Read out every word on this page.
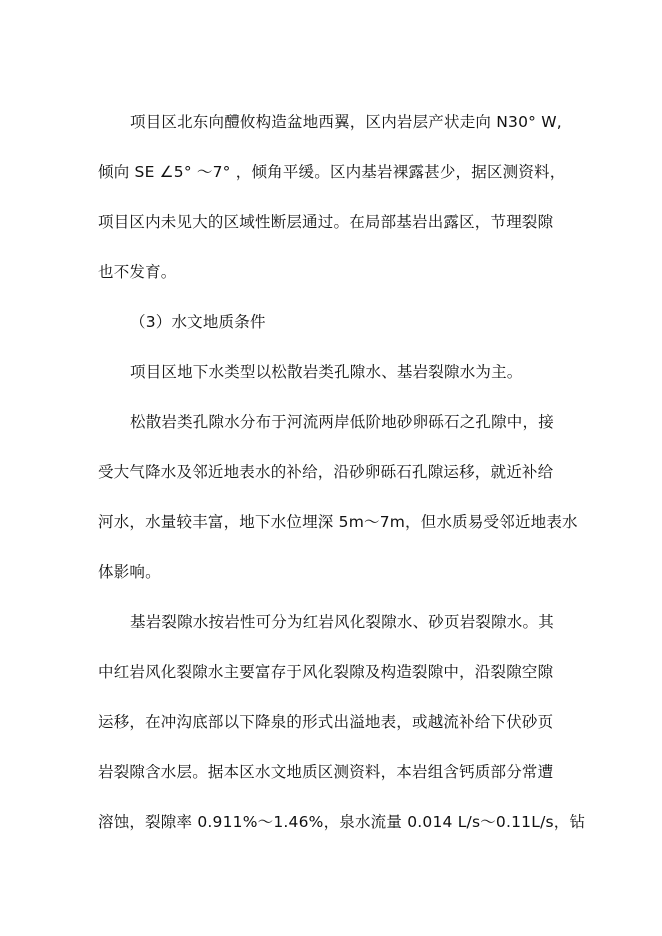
项目区北东向醴攸构造盆地西翼，区内岩层产状走向 N30° W,
倾向 SE ∠5° ～7° ，倾角平缓。区内基岩裸露甚少，据区测资料，
项目区内未见大的区域性断层通过。在局部基岩出露区，节理裂隙
也不发育。
（3）水文地质条件
项目区地下水类型以松散岩类孔隙水、基岩裂隙水为主。
松散岩类孔隙水分布于河流两岸低阶地砂卵砾石之孔隙中，接
受大气降水及邻近地表水的补给，沿砂卵砾石孔隙运移，就近补给
河水，水量较丰富，地下水位埋深 5m～7m，但水质易受邻近地表水
体影响。
基岩裂隙水按岩性可分为红岩风化裂隙水、砂页岩裂隙水。其
中红岩风化裂隙水主要富存于风化裂隙及构造裂隙中，沿裂隙空隙
运移，在冲沟底部以下降泉的形式出溢地表，或越流补给下伏砂页
岩裂隙含水层。据本区水文地质区测资料，本岩组含钙质部分常遭
溶蚀，裂隙率 0.911%～1.46%，泉水流量 0.014 L/s～0.11L/s，钻
